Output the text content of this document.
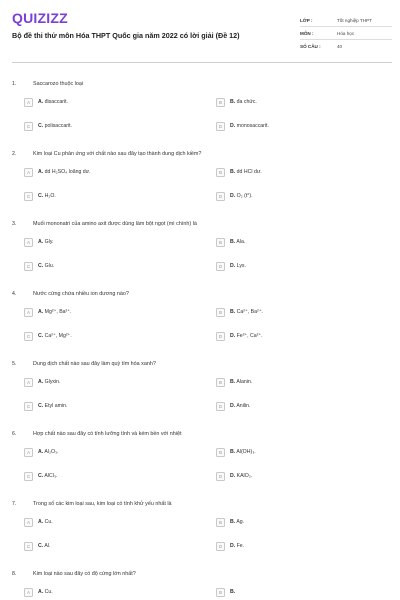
QUIZIZZ
Bộ đề thi thử môn Hóa THPT Quốc gia năm 2022 có lời giải (Đề 12)
LỚP :	Tốt nghiệp THPT
MÔN :	Hóa học
SỐ CÂU :	40
1.	Saccarozo thuộc loại
A	A. đisaccarit.	B	B. đa chức.
C	C. polisaccarit.	D	D. monosaccarit.
2.	Kim loại Cu phản ứng với chất nào sau đây tạo thành dung dịch kiềm?
A	A. dd H₂SO₄ loãng dư.	B	B. dd HCl dư.
C	C. H₂O.	D	D. O₂ (t°).
3.	Muối mononatri của amino axit được dùng làm bột ngọt (mì chính) là
A	A. Gly.	B	B. Ala.
C	C. Glu.	D	D. Lys.
4.	Nước cứng chứa nhiều ion dương nào?
A	A. Mg²⁺, Ba²⁺.	B	B. Ca²⁺, Ba²⁺.
C	C. Ca²⁺, Mg²⁺.	D	D. Fe²⁺, Ca²⁺.
5.	Dung dịch chất nào sau đây làm quỳ tím hóa xanh?
A	A. Glyxin.	B	B. Alanin.
C	C. Etyl amin.	D	D. Anilin.
6.	Hợp chất nào sau đây có tính lưỡng tính và kém bền với nhiệt
A	A. Al₂O₃.	B	B. Al(OH)₃.
C	C. AlCl₃.	D	D. KAlO₂.
7.	Trong số các kim loại sau, kim loại có tính khử yếu nhất là
A	A. Cu.	B	B. Ag.
C	C. Al.	D	D. Fe.
8.	Kim loại nào sau đây có độ cứng lớn nhất?
A	A. Cu.	B	B.
